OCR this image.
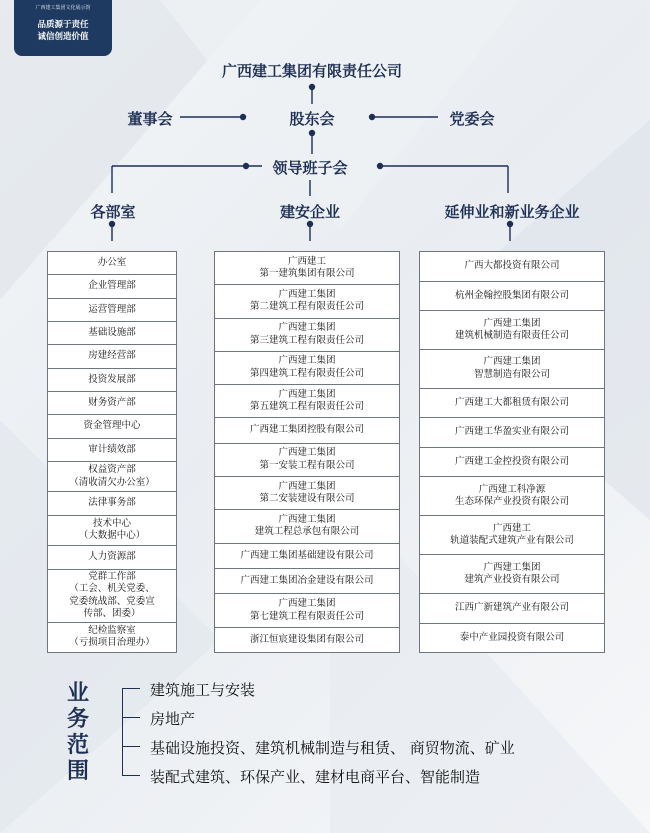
广西建工集团文化展示馆
品质源于责任
诚信创造价值
广西建工集团有限责任公司
董事会	股东会	党委会
领导班子会
各部室	建安企业	延伸业和新业务企业
办公室
企业管理部
运营管理部
基础设施部
房建经营部
投资发展部
财务资产部
资金管理中心
审计绩效部
权益资产部
（清收清欠办公室）
法律事务部
技术中心
（大数据中心）
人力资源部
党群工作部
（工会、机关党委、
党委统战部、党委宣
传部、团委）
纪检监察室
（亏损项目治理办）
广西建工
第一建筑集团有限公司
广西建工集团
第二建筑工程有限责任公司
广西建工集团
第三建筑工程有限责任公司
广西建工集团
第四建筑工程有限责任公司
广西建工集团
第五建筑工程有限责任公司
广西建工集团控股有限公司
广西建工集团
第一安装工程有限公司
广西建工集团
第二安装建设有限公司
广西建工集团
建筑工程总承包有限公司
广西建工集团基础建设有限公司
广西建工集团冶金建设有限公司
广西建工集团
第七建筑工程有限责任公司
浙江恒宸建设集团有限公司
广西大都投资有限公司
杭州金翰控股集团有限公司
广西建工集团
建筑机械制造有限责任公司
广西建工集团
智慧制造有限公司
广西建工大都租赁有限公司
广西建工华盈实业有限公司
广西建工金控投资有限公司
广西建工科净源
生态环保产业投资有限公司
广西建工
轨道装配式建筑产业有限公司
广西建工集团
建筑产业投资有限公司
江西广新建筑产业有限公司
泰中产业园投资有限公司
业
务
范
围
建筑施工与安装
房地产
基础设施投资、建筑机械制造与租赁、 商贸物流、矿业
装配式建筑、环保产业、建材电商平台、智能制造
